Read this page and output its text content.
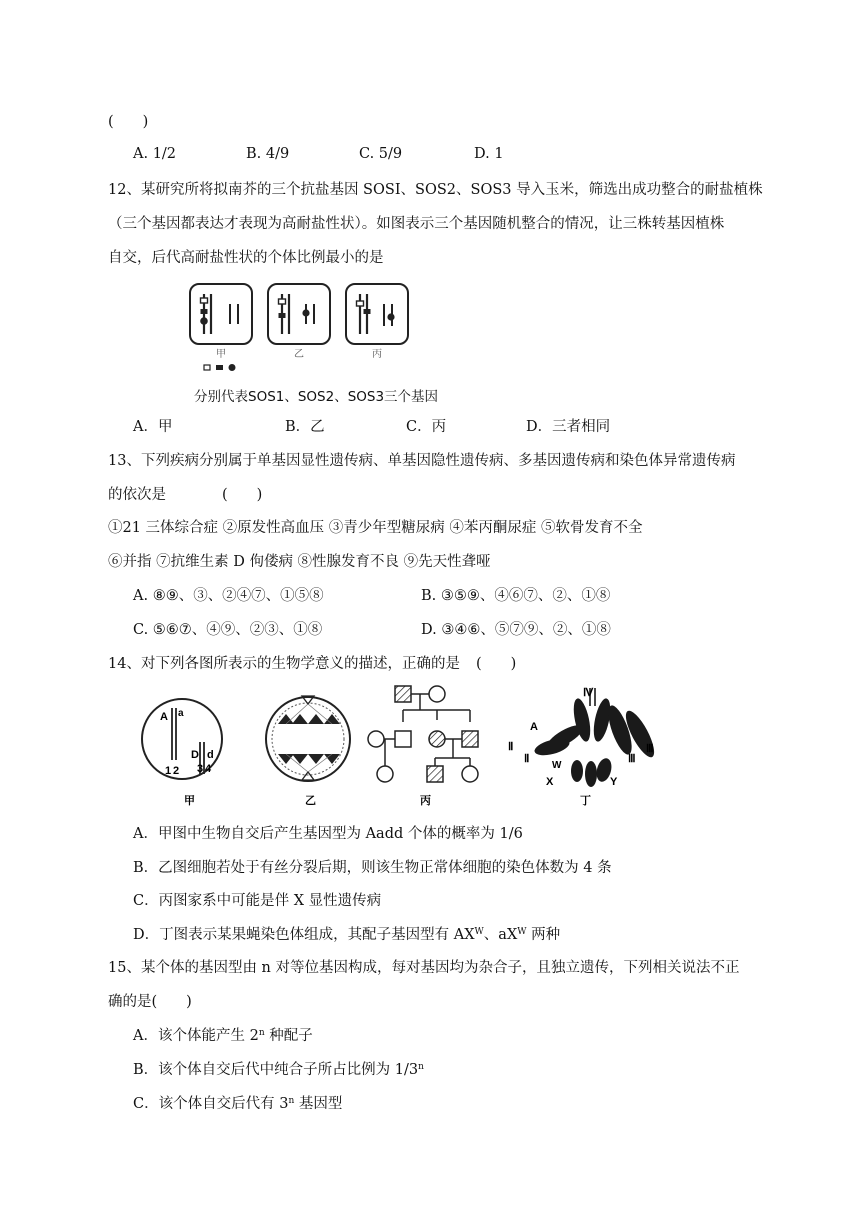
(　　)
A. 1/2	B. 4/9	C. 5/9	D. 1
12、某研究所将拟南芥的三个抗盐基因 SOSI、SOS2、SOS3 导入玉米，筛选出成功整合的耐盐植株
（三个基因都表达才表现为高耐盐性状）。如图表示三个基因随机整合的情况，让三株转基因植株
自交，后代高耐盐性状的个体比例最小的是
甲	乙	丙
分别代表SOS1、SOS2、SOS3三个基因
A．甲	B．乙	C．丙	D．三者相同
13、下列疾病分别属于单基因显性遗传病、单基因隐性遗传病、多基因遗传病和染色体异常遗传病
的依次是	(　　)
①21 三体综合症 ②原发性高血压 ③青少年型糖尿病 ④苯丙酮尿症 ⑤软骨发育不全
⑥并指 ⑦抗维生素 D 佝偻病 ⑧性腺发育不良 ⑨先天性聋哑
A. ⑧⑨、③、②④⑦、①⑤⑧	B. ③⑤⑨、④⑥⑦、②、①⑧
C. ⑤⑥⑦、④⑨、②③、①⑧	D. ③④⑥、⑤⑦⑨、②、①⑧
14、对下列各图所表示的生物学意义的描述，正确的是 (　　)
A a
1 2
D d
3 4
Ⅳ
A
a
Ⅱ
Ⅱ
Ⅲ
Ⅲ
W
X	Y
甲	乙	丙	丁
A．甲图中生物自交后产生基因型为 Aadd 个体的概率为 1/6
B．乙图细胞若处于有丝分裂后期，则该生物正常体细胞的染色体数为 4 条
C．丙图家系中可能是伴 X 显性遗传病
D．丁图表示某果蝇染色体组成，其配子基因型有 $AX^W$、$aX^W$ 两种
15、某个体的基因型由 n 对等位基因构成，每对基因均为杂合子，且独立遗传，下列相关说法不正
确的是(　　)
A．该个体能产生 2$^n$ 种配子
B．该个体自交后代中纯合子所占比例为 1/3$^n$
C．该个体自交后代有 3$^n$ 基因型
